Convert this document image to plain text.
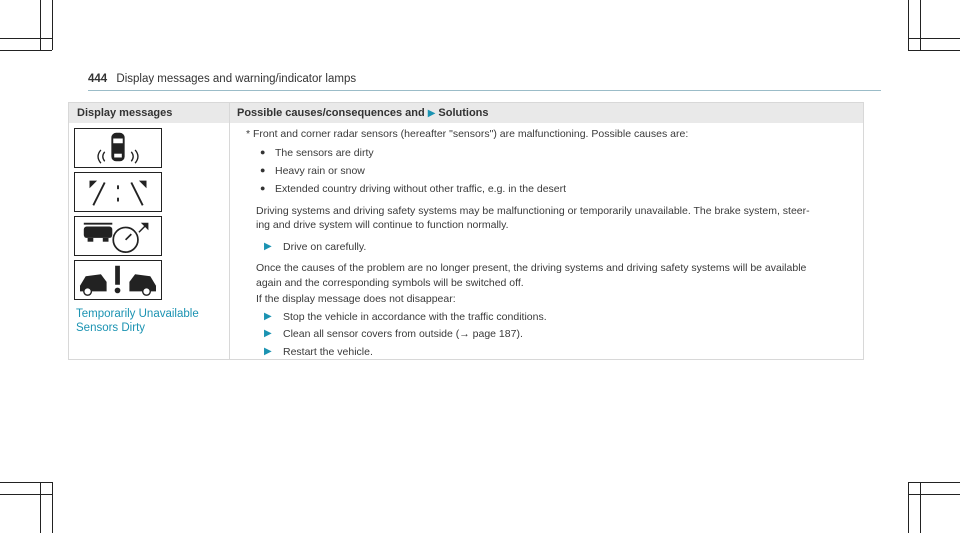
444 Display messages and warning/indicator lamps
Display messages	Possible causes/consequences and ▶ Solutions
Temporarily Unavailable
Sensors Dirty
* Front and corner radar sensors (hereafter "sensors") are malfunctioning. Possible causes are:
● The sensors are dirty
● Heavy rain or snow
● Extended country driving without other traffic, e.g. in the desert
Driving systems and driving safety systems may be malfunctioning or temporarily unavailable. The brake system, steer-
ing and drive system will continue to function normally.
▶ Drive on carefully.
Once the causes of the problem are no longer present, the driving systems and driving safety systems will be available
again and the corresponding symbols will be switched off.
If the display message does not disappear:
▶ Stop the vehicle in accordance with the traffic conditions.
▶ Clean all sensor covers from outside (→ page 187).
▶ Restart the vehicle.
